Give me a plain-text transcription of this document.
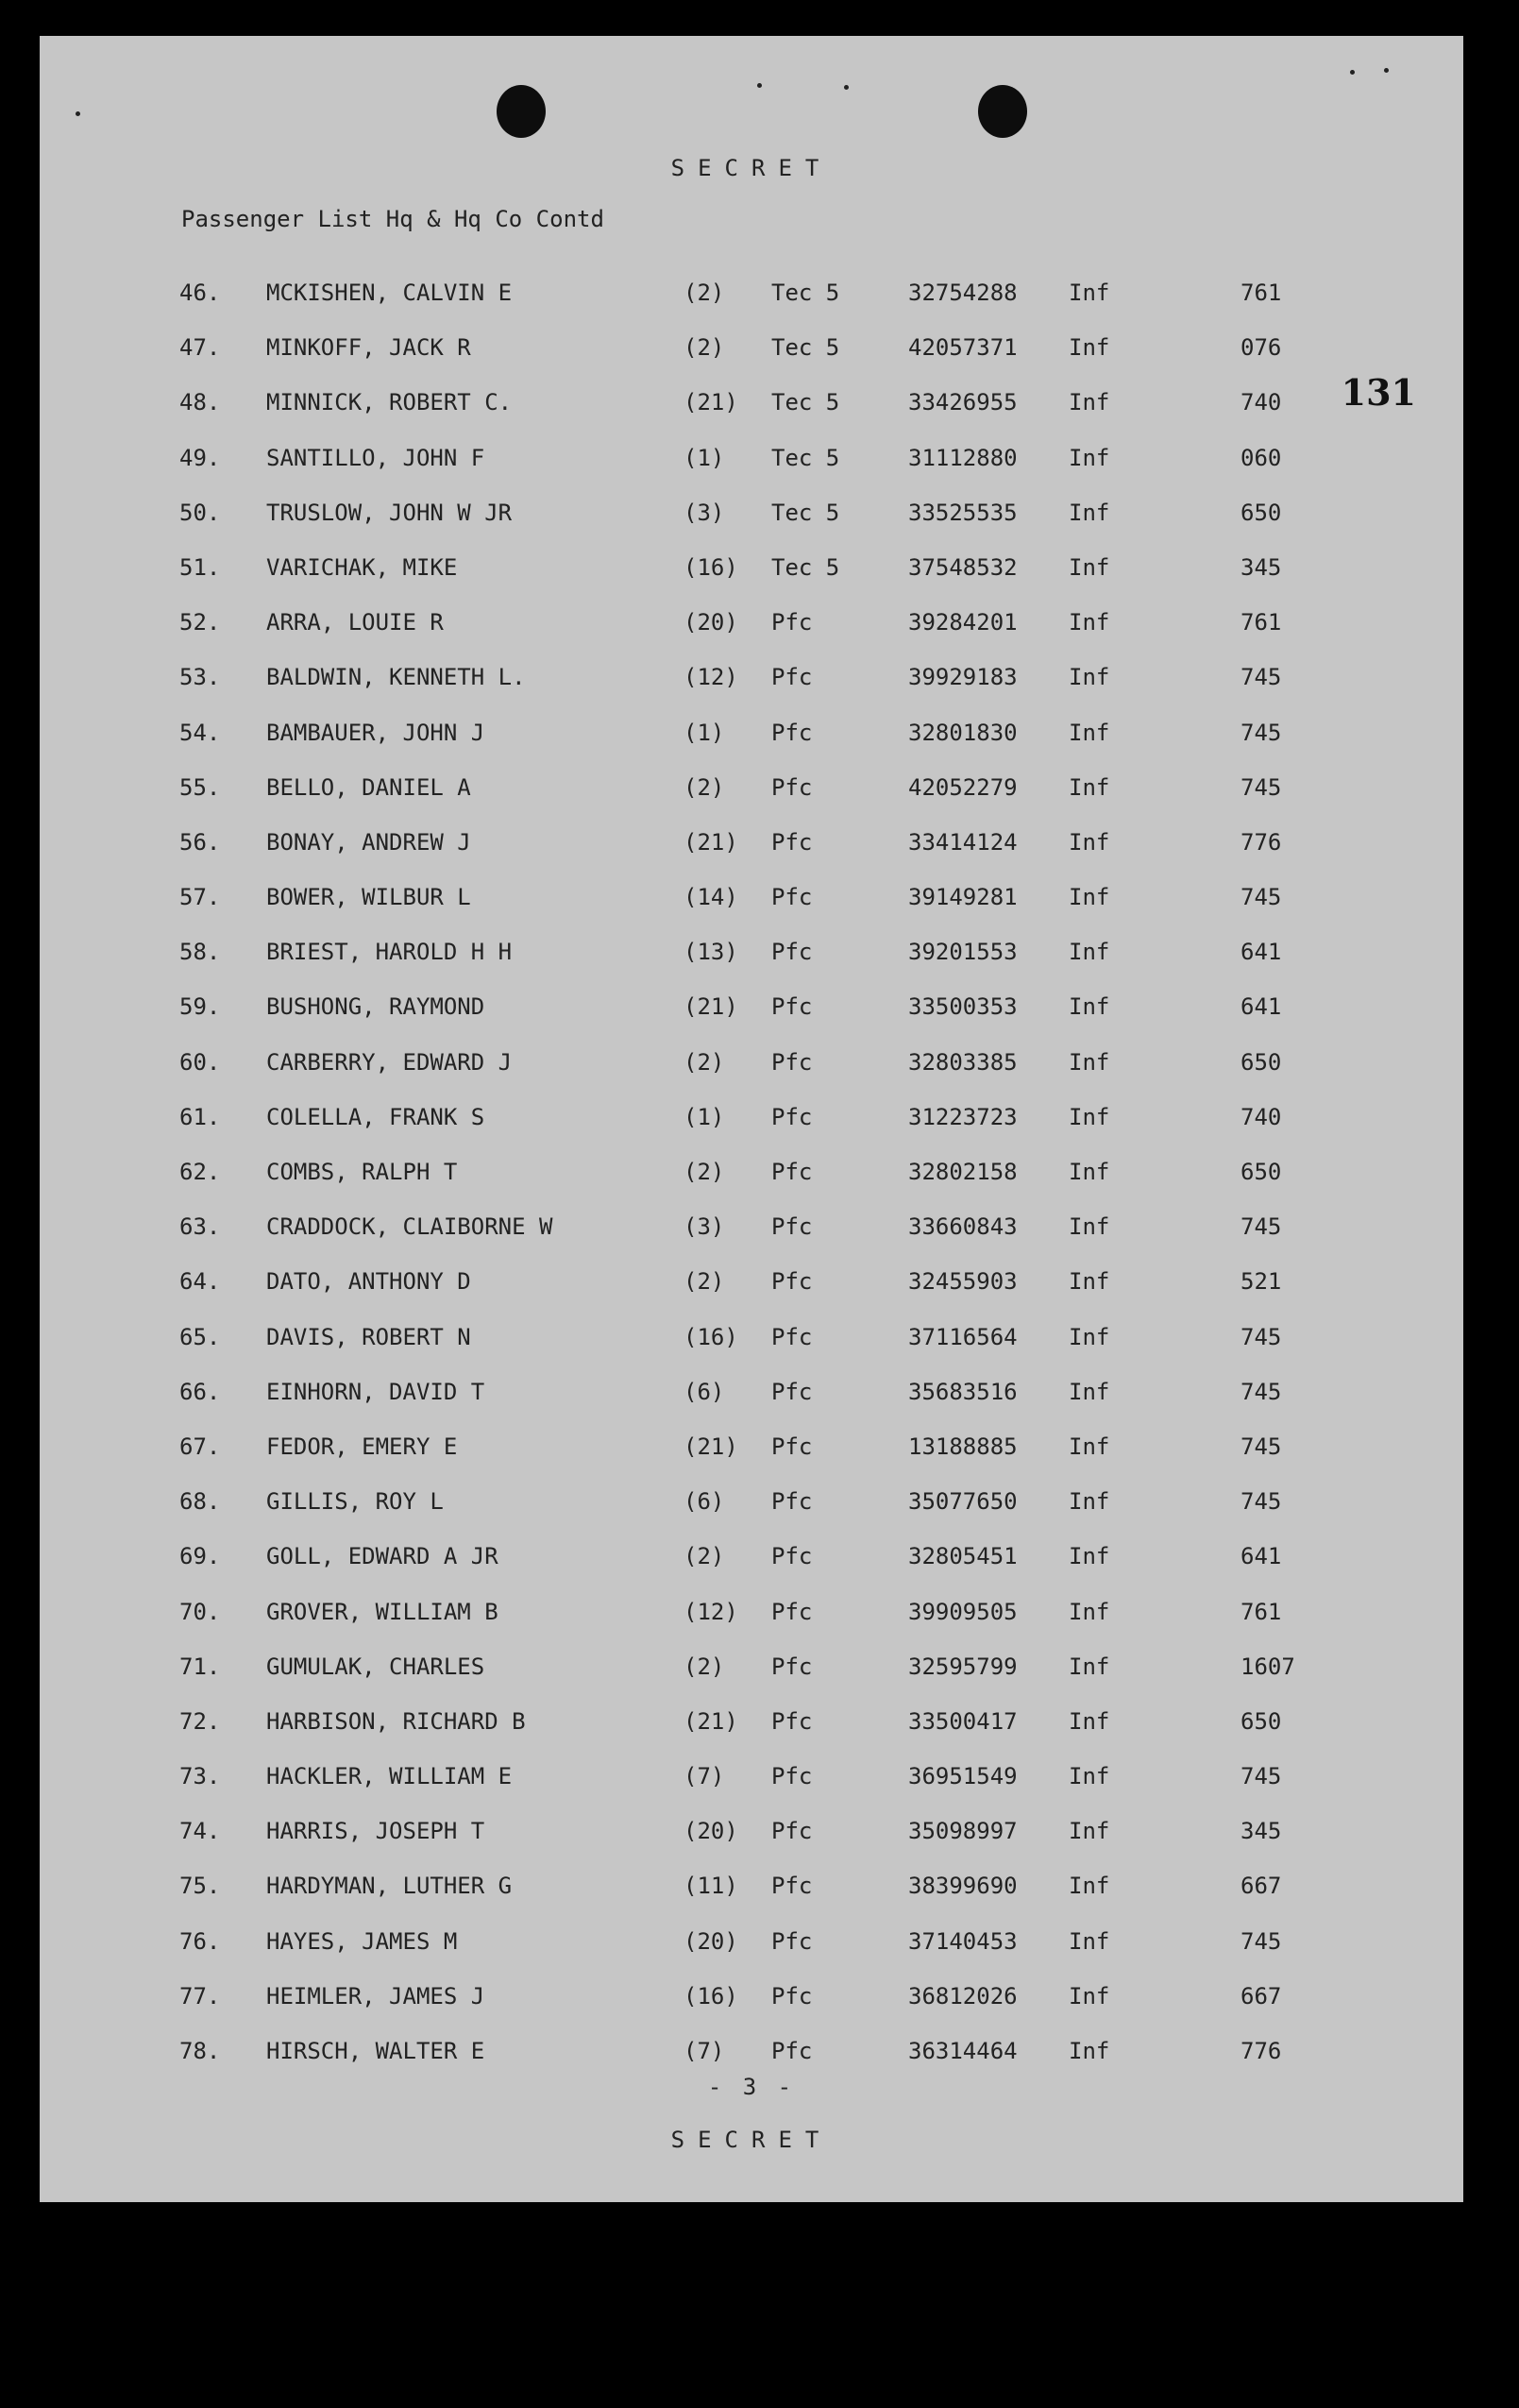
SECRET
Passenger List Hq & Hq Co Contd
131
46. MCKISHEN, CALVIN E	(2) Tec 5	32754288 Inf	761
47. MINKOFF, JACK R	(2) Tec 5	42057371 Inf	076
48. MINNICK, ROBERT C.	(21) Tec 5	33426955 Inf	740
49. SANTILLO, JOHN F	(1) Tec 5	31112880 Inf	060
50. TRUSLOW, JOHN W JR	(3) Tec 5	33525535 Inf	650
51. VARICHAK, MIKE	(16) Tec 5	37548532 Inf	345
52. ARRA, LOUIE R	(20) Pfc	39284201 Inf	761
53. BALDWIN, KENNETH L.	(12) Pfc	39929183 Inf	745
54. BAMBAUER, JOHN J	(1) Pfc	32801830 Inf	745
55. BELLO, DANIEL A	(2) Pfc	42052279 Inf	745
56. BONAY, ANDREW J	(21) Pfc	33414124 Inf	776
57. BOWER, WILBUR L	(14) Pfc	39149281 Inf	745
58. BRIEST, HAROLD H H	(13) Pfc	39201553 Inf	641
59. BUSHONG, RAYMOND	(21) Pfc	33500353 Inf	641
60. CARBERRY, EDWARD J	(2) Pfc	32803385 Inf	650
61. COLELLA, FRANK S	(1) Pfc	31223723 Inf	740
62. COMBS, RALPH T	(2) Pfc	32802158 Inf	650
63. CRADDOCK, CLAIBORNE W	(3) Pfc	33660843 Inf	745
64. DATO, ANTHONY D	(2) Pfc	32455903 Inf	521
65. DAVIS, ROBERT N	(16) Pfc	37116564 Inf	745
66. EINHORN, DAVID T	(6) Pfc	35683516 Inf	745
67. FEDOR, EMERY E	(21) Pfc	13188885 Inf	745
68. GILLIS, ROY L	(6) Pfc	35077650 Inf	745
69. GOLL, EDWARD A JR	(2) Pfc	32805451 Inf	641
70. GROVER, WILLIAM B	(12) Pfc	39909505 Inf	761
71. GUMULAK, CHARLES	(2) Pfc	32595799 Inf	1607
72. HARBISON, RICHARD B	(21) Pfc	33500417 Inf	650
73. HACKLER, WILLIAM E	(7) Pfc	36951549 Inf	745
74. HARRIS, JOSEPH T	(20) Pfc	35098997 Inf	345
75. HARDYMAN, LUTHER G	(11) Pfc	38399690 Inf	667
76. HAYES, JAMES M	(20) Pfc	37140453 Inf	745
77. HEIMLER, JAMES J	(16) Pfc	36812026 Inf	667
78. HIRSCH, WALTER E	(7) Pfc	36314464 Inf	776
- 3 -
SECRET
